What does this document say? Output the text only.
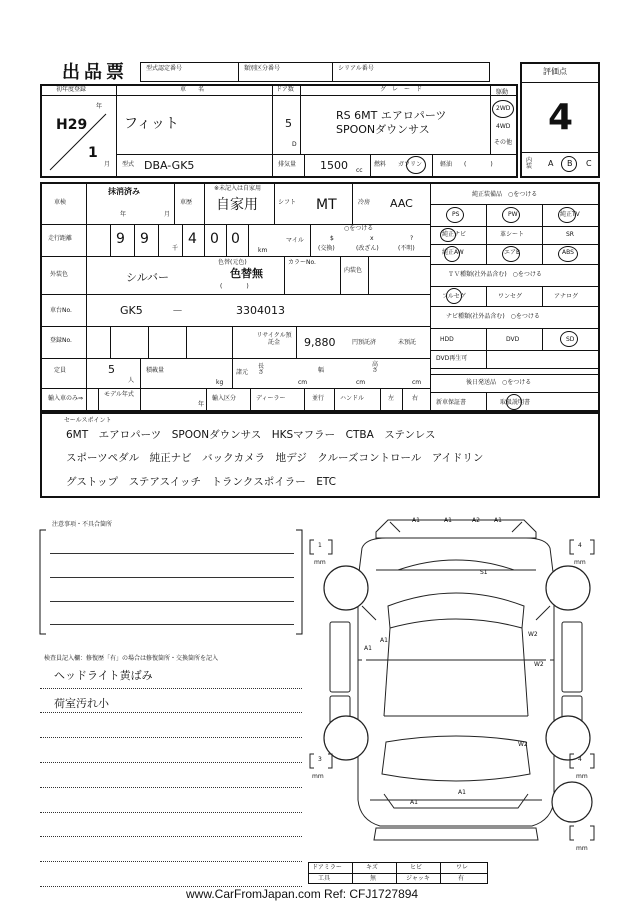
出品票	型式認定番号	類別区分番号	シリアル番号	評価点
4
内装 A B C
初年度登録
年
H29
1
月
車　　名
フィット
ドア数
5
D
グ　レ　ー　ド
RS 6MT エアロパーツ
SPOONダウンサス
駆動
2WD
4WD
その他
型式 DBA-GK5	排気量 1500 cc
燃料 ガソリン	軽油 (　　　　)
車検
抹消済み
年	月
車歴
※未記入は自家用
自家用	シフト MT	冷房 AAC
走行距離	9 9
千
4 0 0
km
マイル
○をつける
$
(交換)
x
(改ざん)
?
(不明)
外装色	シルバー
色替(元色)
色替無
(　　　　)
カラーNo.
内装色
車台No.	GK5	－	3304013
登録No.
リサイクル預託金	9,880	円預託済	未預託
定員	5
人
積載量
kg
諸元
長さ
cm
幅
cm
高さ
cm
輸入車のみ⇒
モデル年式
年
輸入区分	ディーラー	並行	ハンドル	左	右
純正装備品　○をつける
PS	PW	純正TV
純正ナビ	革シート	SR
純正AW	エアB	ABS
ＴＶ種類(社外品含む)　○をつける
フルセグ	ワンセグ	アナログ
ナビ種類(社外品含む)　○をつける
HDD	DVD	SD
DVD再生可
後日発送品　○をつける
新車保証書	取扱説明書
セールスポイント
6MT　エアロパーツ　SPOONダウンサス　HKSマフラー　CTBA　ステンレス
スポーツペダル　純正ナビ　バックカメラ　地デジ　クルーズコントロール　アイドリン
グストップ　ステアスイッチ　トランクスポイラー　ETC
注意事項・不具合箇所
検査員記入欄：修復歴「有」の場合は修復箇所・交換箇所を記入
ヘッドライト黄ばみ
荷室汚れ小
1
mm
4
mm
3
mm
4
mm
mm
A1	A1	A2 A1
S1
A1
A1
W2
W2
W2
A1
A1
ドアミラー	キズ	ヒビ	ワレ
工具	無	ジャッキ	有
www.CarFromJapan.com Ref: CFJ1727894
